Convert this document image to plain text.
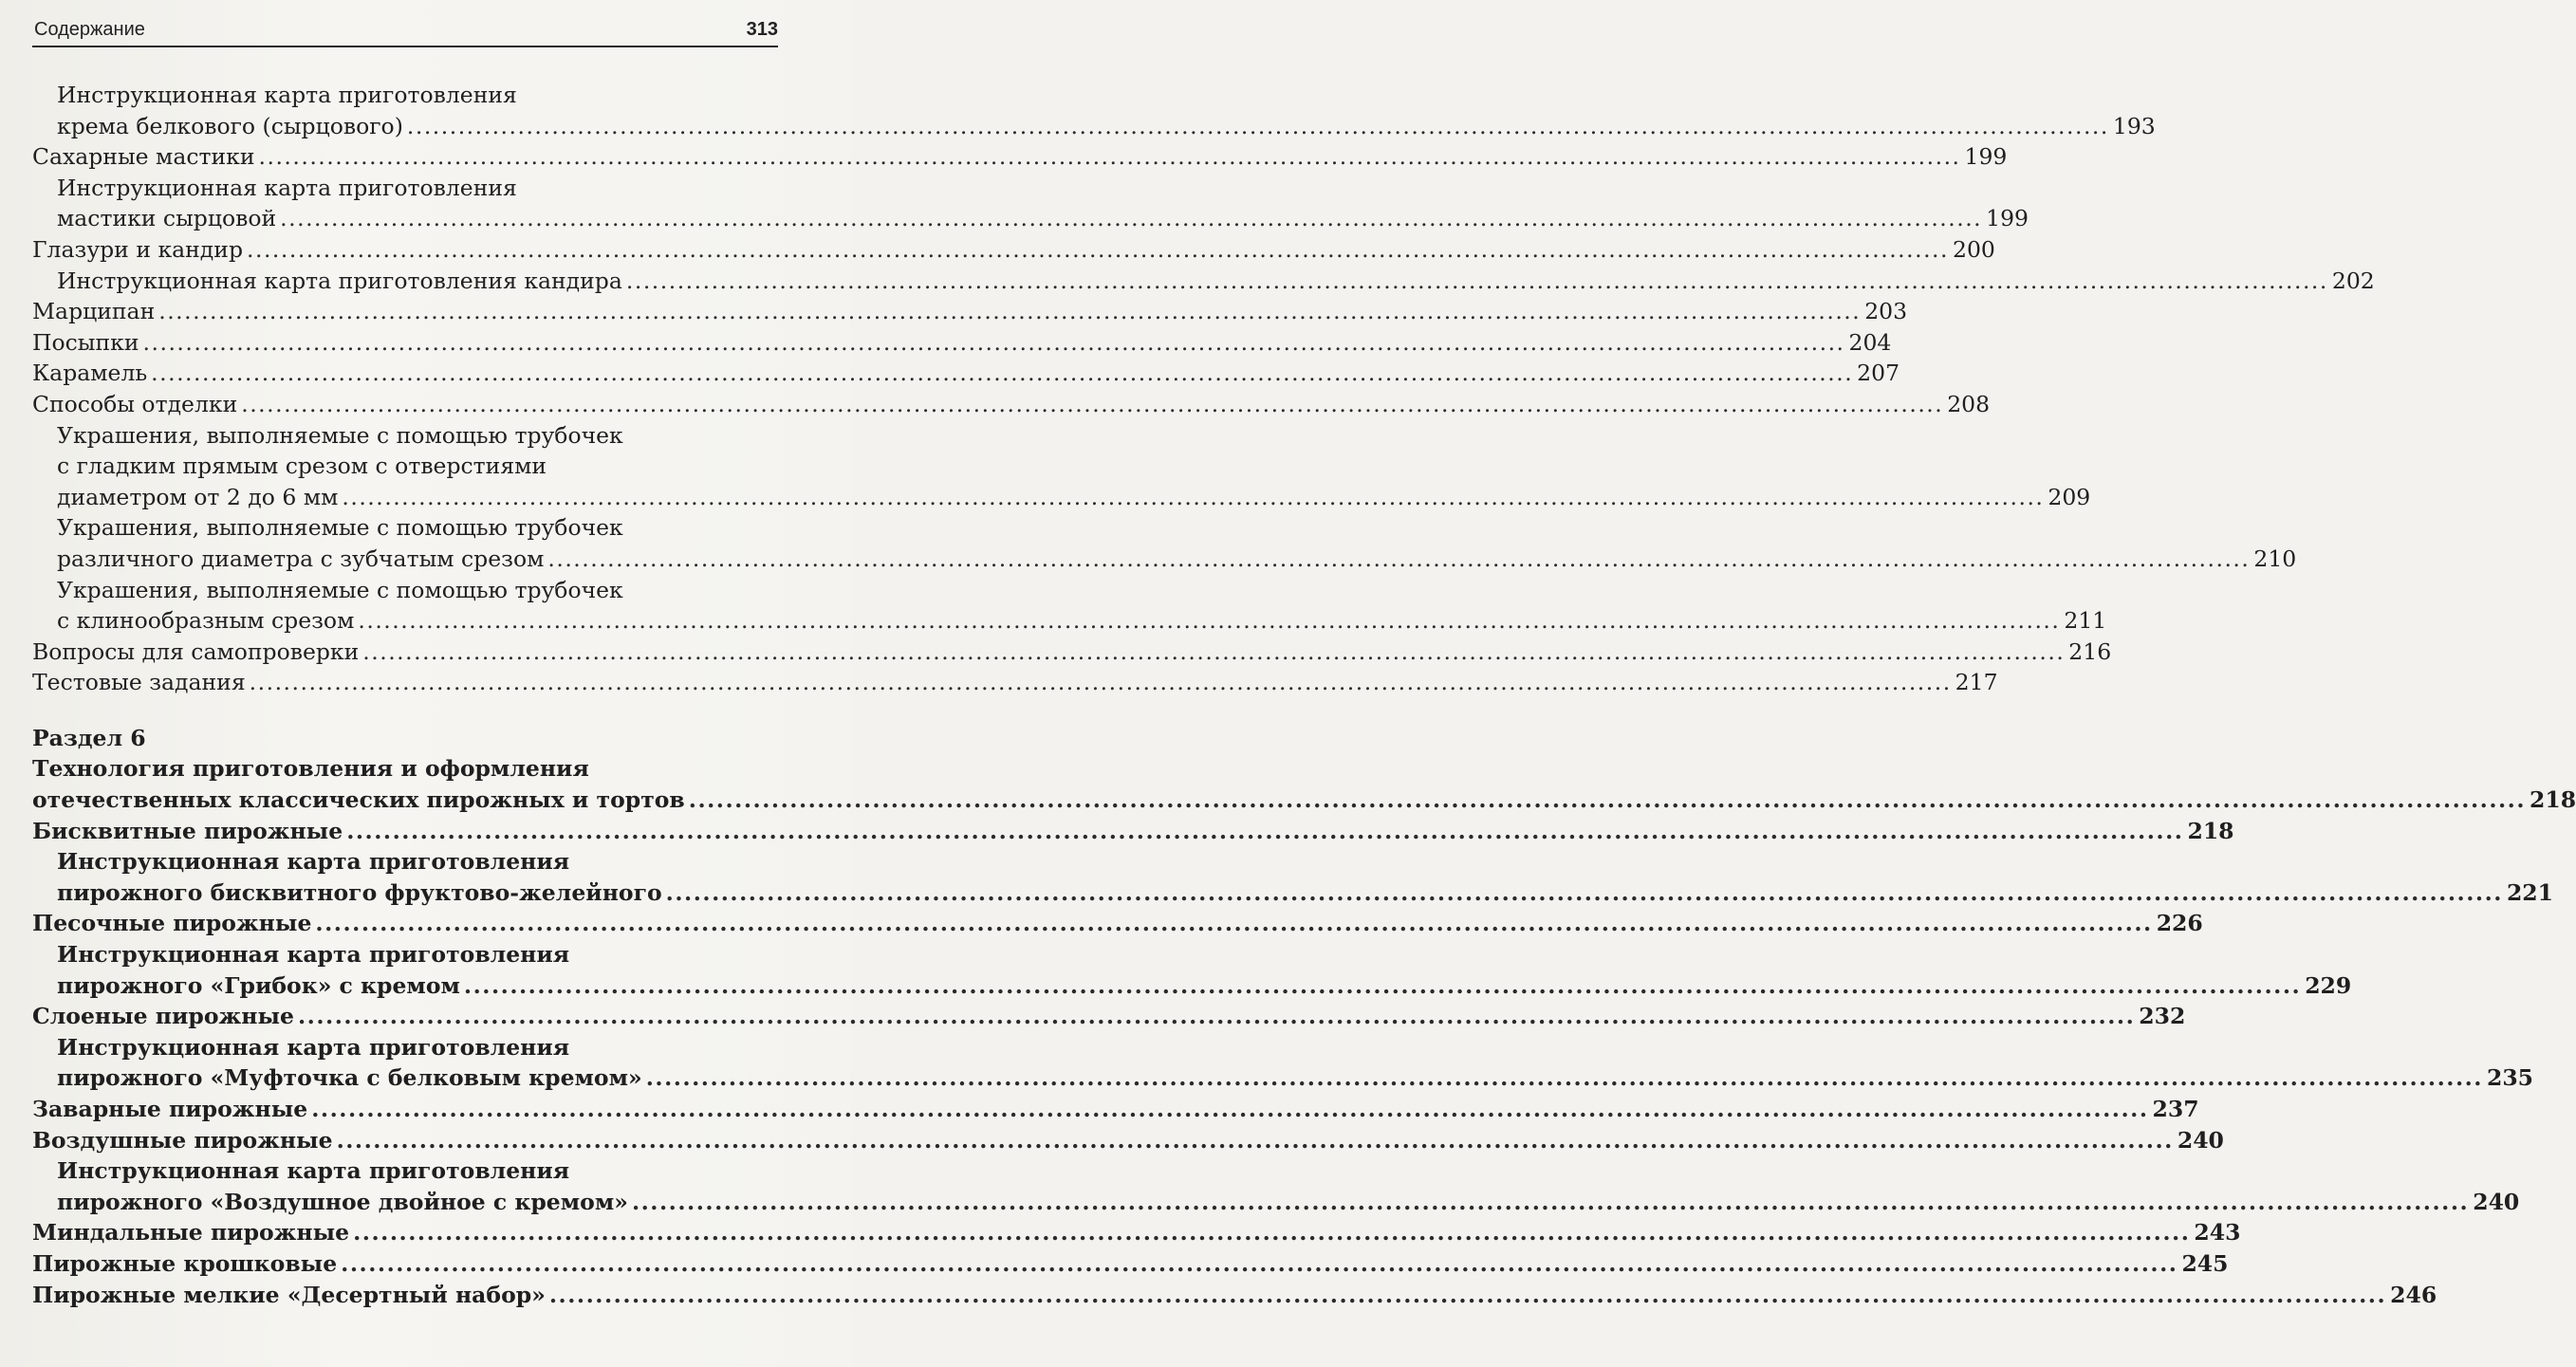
Содержание	313
Инструкционная карта приготовления
крема белкового (сырцового) ........................................................................................................................................................................................................ 193
Сахарные мастики ........................................................................................................................................................................................................ 199
Инструкционная карта приготовления
мастики сырцовой ........................................................................................................................................................................................................ 199
Глазури и кандир ........................................................................................................................................................................................................ 200
Инструкционная карта приготовления кандира ........................................................................................................................................................................................................ 202
Марципан ........................................................................................................................................................................................................ 203
Посыпки ........................................................................................................................................................................................................ 204
Карамель ........................................................................................................................................................................................................ 207
Способы отделки ........................................................................................................................................................................................................ 208
Украшения, выполняемые с помощью трубочек
с гладким прямым срезом с отверстиями
диаметром от 2 до 6 мм ........................................................................................................................................................................................................ 209
Украшения, выполняемые с помощью трубочек
различного диаметра с зубчатым срезом ........................................................................................................................................................................................................ 210
Украшения, выполняемые с помощью трубочек
с клинообразным срезом ........................................................................................................................................................................................................ 211
Вопросы для самопроверки ........................................................................................................................................................................................................ 216
Тестовые задания ........................................................................................................................................................................................................ 217
Раздел 6
Технология приготовления и оформления
отечественных классических пирожных и тортов ........................................................................................................................................................................................................ 218
Бисквитные пирожные ........................................................................................................................................................................................................ 218
Инструкционная карта приготовления
пирожного бисквитного фруктово-желейного ........................................................................................................................................................................................................ 221
Песочные пирожные ........................................................................................................................................................................................................ 226
Инструкционная карта приготовления
пирожного «Грибок» с кремом ........................................................................................................................................................................................................ 229
Слоеные пирожные ........................................................................................................................................................................................................ 232
Инструкционная карта приготовления
пирожного «Муфточка с белковым кремом» ........................................................................................................................................................................................................ 235
Заварные пирожные ........................................................................................................................................................................................................ 237
Воздушные пирожные ........................................................................................................................................................................................................ 240
Инструкционная карта приготовления
пирожного «Воздушное двойное с кремом» ........................................................................................................................................................................................................ 240
Миндальные пирожные ........................................................................................................................................................................................................ 243
Пирожные крошковые ........................................................................................................................................................................................................ 245
Пирожные мелкие «Десертный набор» ........................................................................................................................................................................................................ 246
